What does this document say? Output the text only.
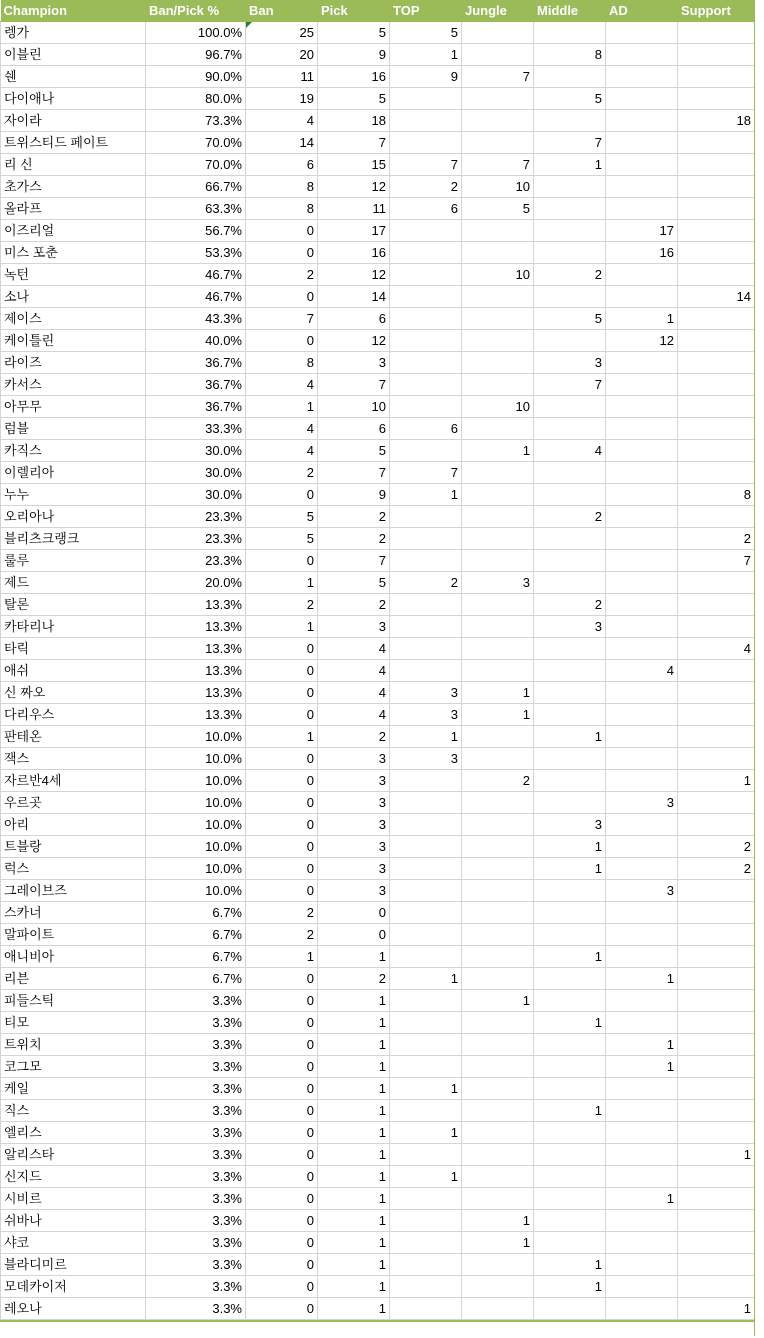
Champion	Ban/Pick %	Ban	Pick	TOP	Jungle	Middle	AD	Support
렝가	100.0%	25	5	5				
이블린	96.7%	20	9	1		8		
쉔	90.0%	11	16	9	7			
다이애나	80.0%	19	5			5		
자이라	73.3%	4	18					18
트위스티드 페이트	70.0%	14	7			7		
리 신	70.0%	6	15	7	7	1		
초가스	66.7%	8	12	2	10			
올라프	63.3%	8	11	6	5			
이즈리얼	56.7%	0	17				17	
미스 포춘	53.3%	0	16				16	
녹턴	46.7%	2	12		10	2		
소나	46.7%	0	14					14
제이스	43.3%	7	6			5	1	
케이틀린	40.0%	0	12				12	
라이즈	36.7%	8	3			3		
카서스	36.7%	4	7			7		
아무무	36.7%	1	10		10			
럼블	33.3%	4	6	6				
카직스	30.0%	4	5		1	4		
이렐리아	30.0%	2	7	7				
누누	30.0%	0	9	1				8
오리아나	23.3%	5	2			2		
블리츠크랭크	23.3%	5	2					2
룰루	23.3%	0	7					7
제드	20.0%	1	5	2	3			
탈론	13.3%	2	2			2		
카타리나	13.3%	1	3			3		
타릭	13.3%	0	4					4
애쉬	13.3%	0	4				4	
신 짜오	13.3%	0	4	3	1			
다리우스	13.3%	0	4	3	1			
판테온	10.0%	1	2	1		1		
잭스	10.0%	0	3	3				
자르반4세	10.0%	0	3		2			1
우르곳	10.0%	0	3				3	
아리	10.0%	0	3			3		
트블랑	10.0%	0	3			1		2
럭스	10.0%	0	3			1		2
그레이브즈	10.0%	0	3				3	
스카너	6.7%	2	0					
말파이트	6.7%	2	0					
애니비아	6.7%	1	1			1		
리븐	6.7%	0	2	1			1	
피들스틱	3.3%	0	1		1			
티모	3.3%	0	1			1		
트위치	3.3%	0	1				1	
코그모	3.3%	0	1				1	
케일	3.3%	0	1	1				
직스	3.3%	0	1			1		
엘리스	3.3%	0	1	1				
알리스타	3.3%	0	1					1
신지드	3.3%	0	1	1				
시비르	3.3%	0	1				1	
쉬바나	3.3%	0	1		1			
샤코	3.3%	0	1		1			
블라디미르	3.3%	0	1			1		
모데카이저	3.3%	0	1			1		
레오나	3.3%	0	1					1
